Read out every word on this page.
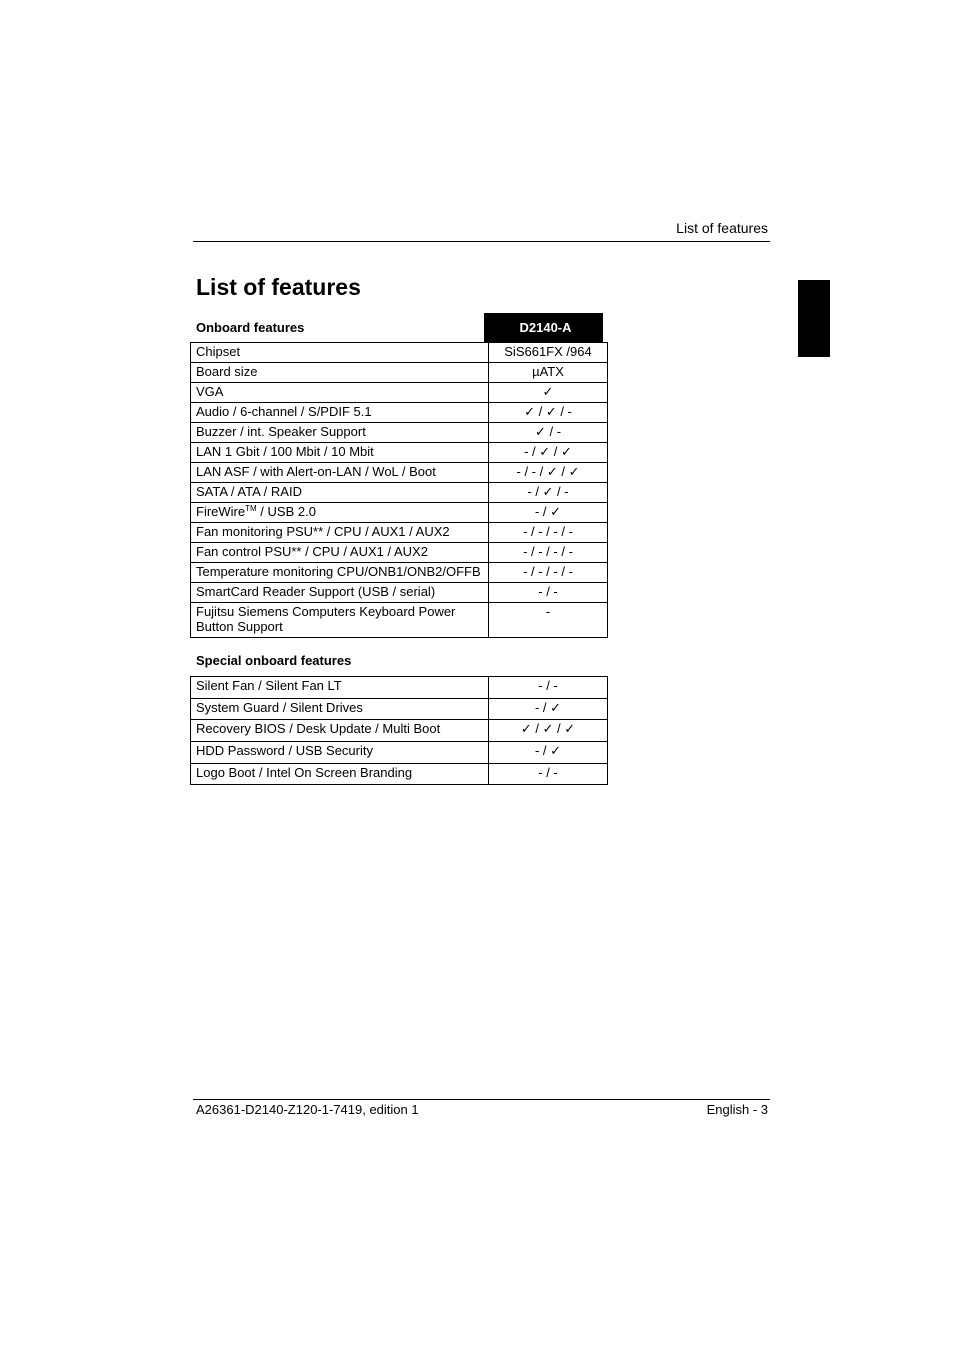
List of features
List of features
Onboard features	D2140-A
Chipset	SiS661FX /964
Board size	µATX
VGA	✓
Audio / 6-channel / S/PDIF 5.1	✓ / ✓ / -
Buzzer / int. Speaker Support	✓ / -
LAN 1 Gbit / 100 Mbit / 10 Mbit	- / ✓ / ✓
LAN ASF / with Alert-on-LAN / WoL / Boot	- / - / ✓ / ✓
SATA / ATA / RAID	- / ✓ / -
FireWire™ / USB 2.0	- / ✓
Fan monitoring PSU** / CPU / AUX1 / AUX2	- / - / - / -
Fan control PSU** / CPU / AUX1 / AUX2	- / - / - / -
Temperature monitoring CPU/ONB1/ONB2/OFFB	- / - / - / -
SmartCard Reader Support (USB / serial)	- / -
Fujitsu Siemens Computers Keyboard Power
Button Support	-
Special onboard features
Silent Fan / Silent Fan LT	- / -
System Guard / Silent Drives	- / ✓
Recovery BIOS / Desk Update / Multi Boot	✓ / ✓ / ✓
HDD Password / USB Security	- / ✓
Logo Boot / Intel On Screen Branding	- / -
A26361-D2140-Z120-1-7419, edition 1	English - 3
